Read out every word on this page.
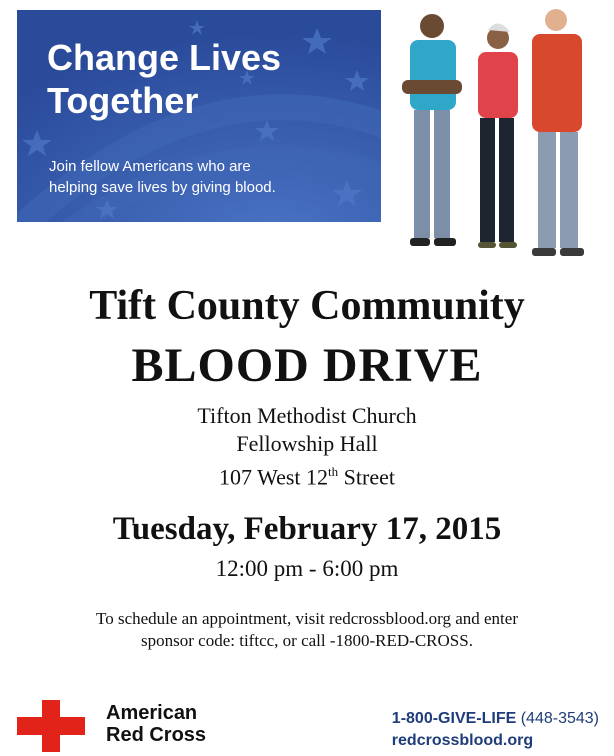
Change Lives
Together
Join fellow Americans who are
helping save lives by giving blood.
Tift County Community
BLOOD DRIVE
Tifton Methodist Church
Fellowship Hall
107 West 12th Street
Tuesday, February 17, 2015
12:00 pm - 6:00 pm
To schedule an appointment, visit redcrossblood.org and enter
sponsor code: tiftcc, or call -1800-RED-CROSS.
American
Red Cross
1-800-GIVE-LIFE (448-3543)
redcrossblood.org
